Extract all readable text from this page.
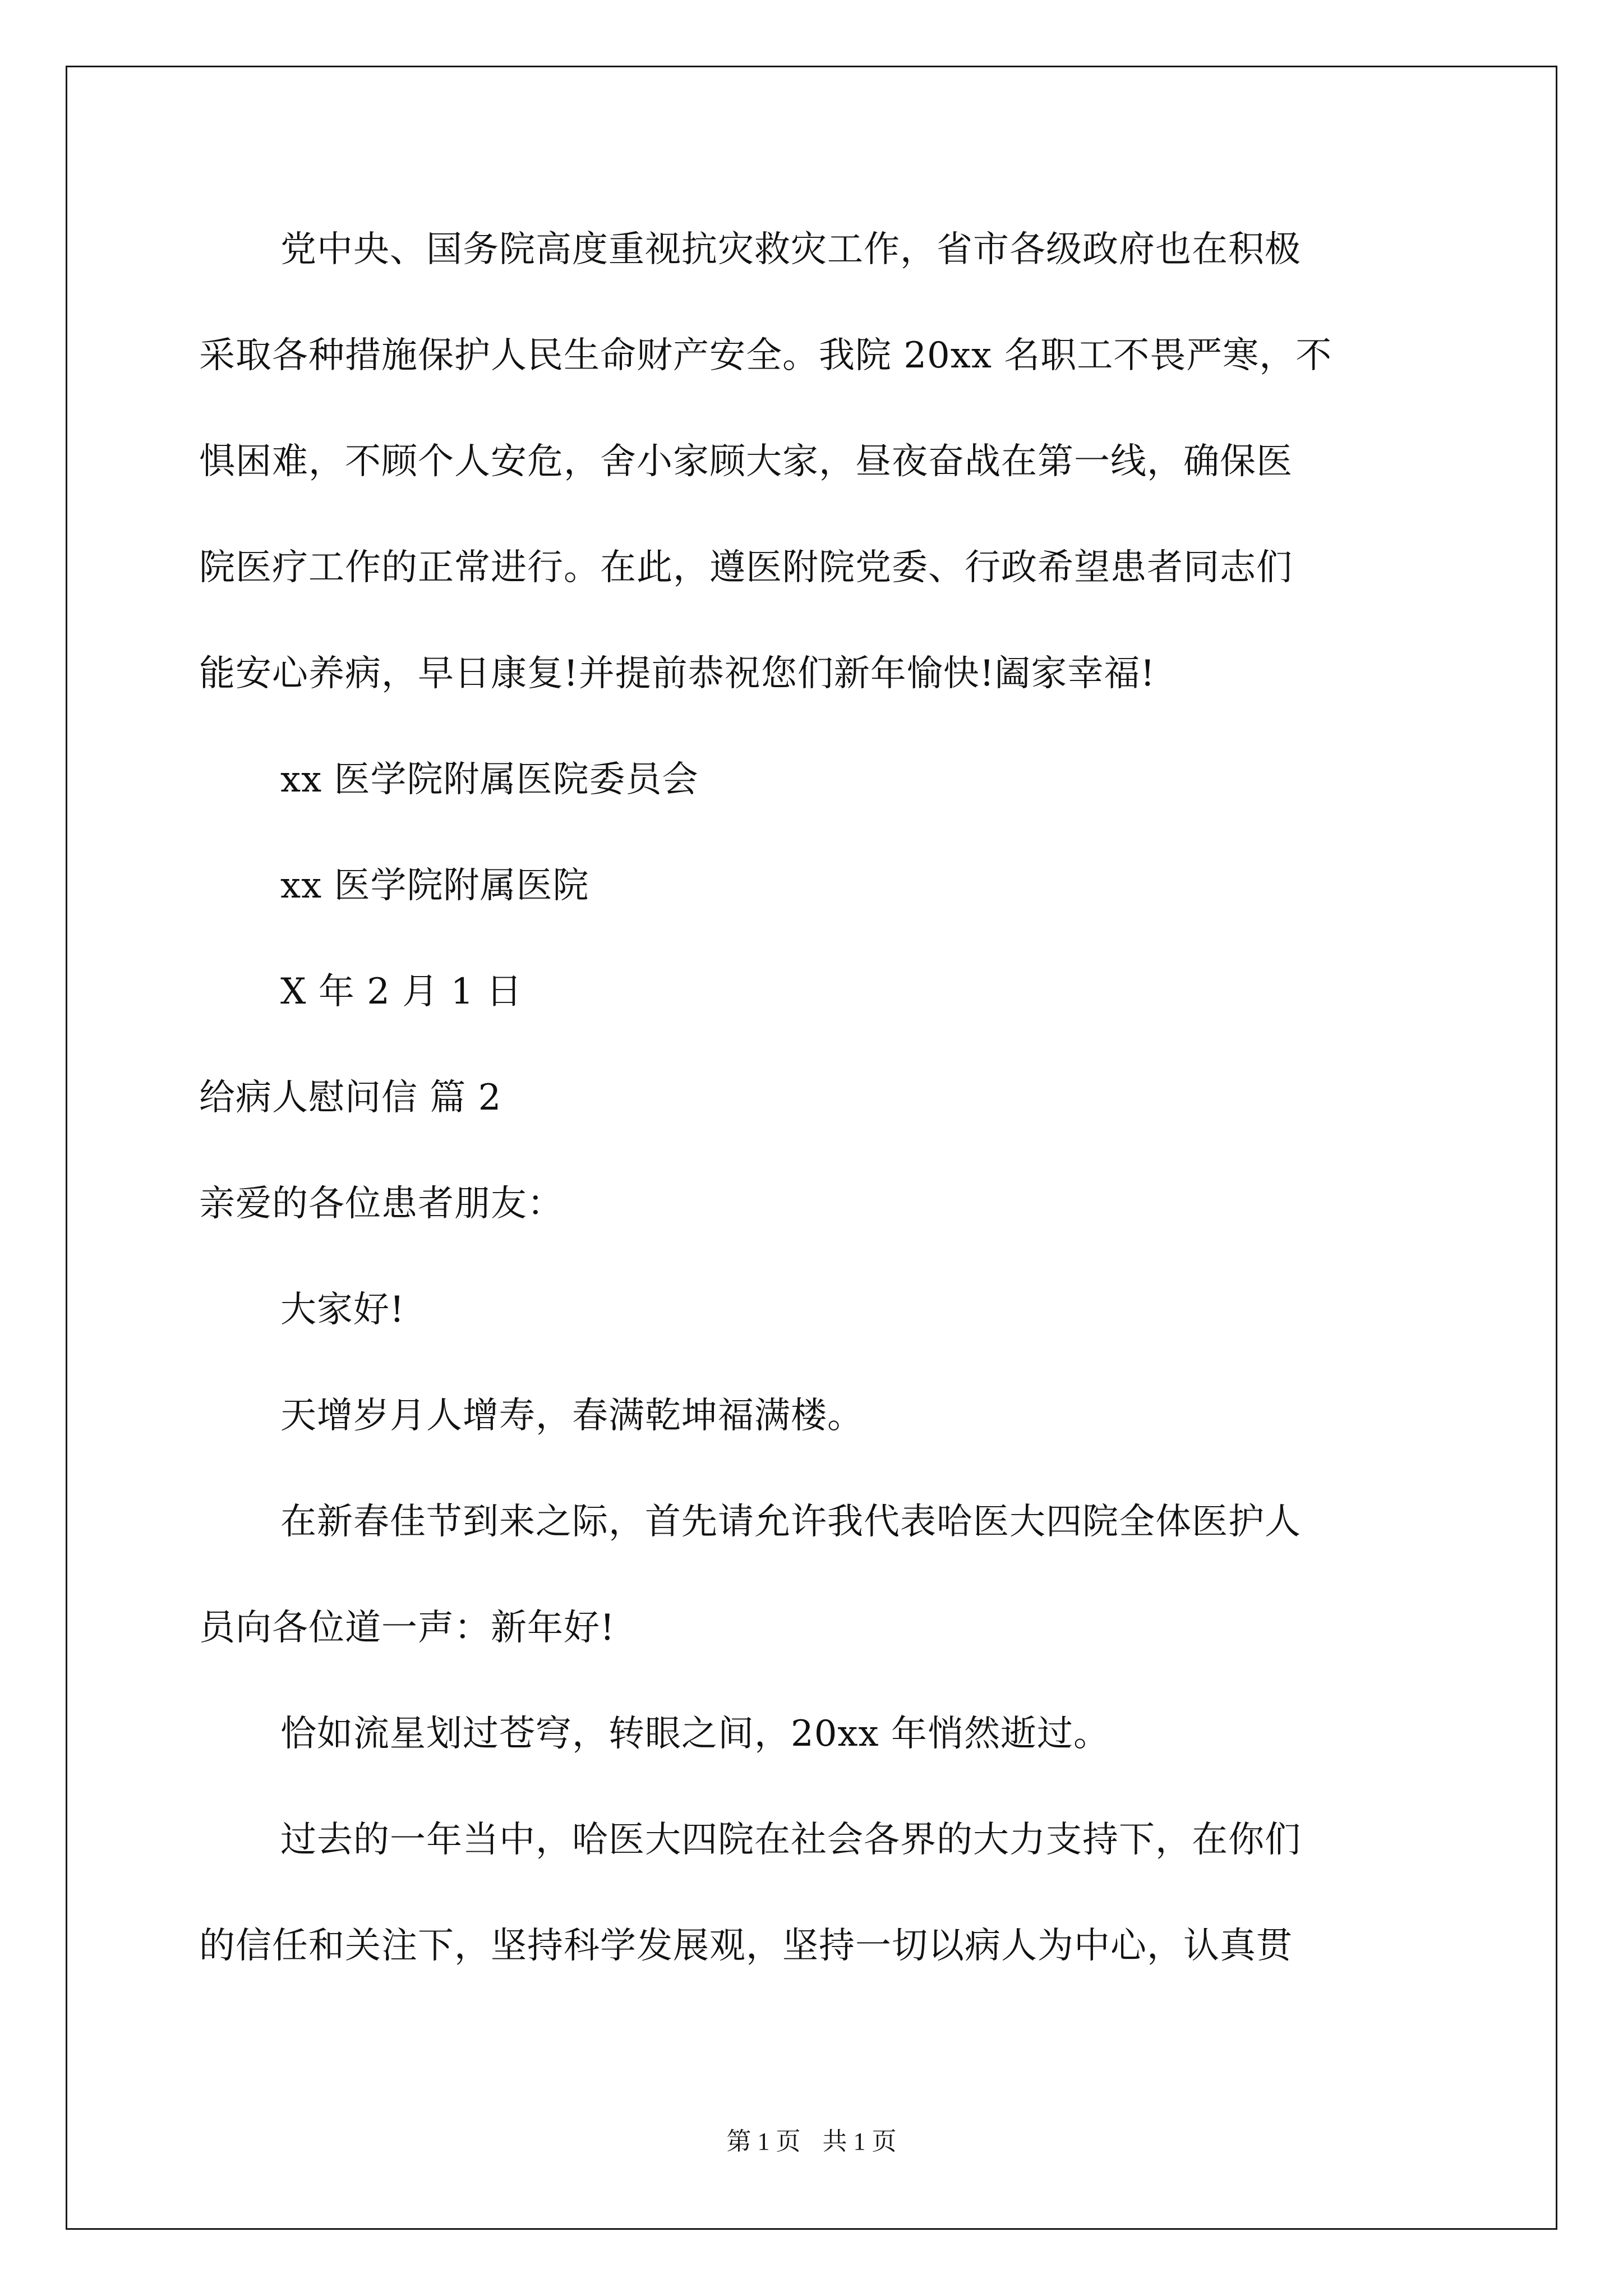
党中央、国务院高度重视抗灾救灾工作，省市各级政府也在积极
采取各种措施保护人民生命财产安全。我院 20xx 名职工不畏严寒，不
惧困难，不顾个人安危，舍小家顾大家，昼夜奋战在第一线，确保医
院医疗工作的正常进行。在此，遵医附院党委、行政希望患者同志们
能安心养病，早日康复!并提前恭祝您们新年愉快!阖家幸福!
xx 医学院附属医院委员会
xx 医学院附属医院
X 年 2 月 1 日
给病人慰问信 篇 2
亲爱的各位患者朋友：
大家好!
天增岁月人增寿，春满乾坤福满楼。
在新春佳节到来之际，首先请允许我代表哈医大四院全体医护人
员向各位道一声：新年好!
恰如流星划过苍穹，转眼之间，20xx 年悄然逝过。
过去的一年当中，哈医大四院在社会各界的大力支持下，在你们
的信任和关注下，坚持科学发展观，坚持一切以病人为中心，认真贯
第 1 页 共 1 页
